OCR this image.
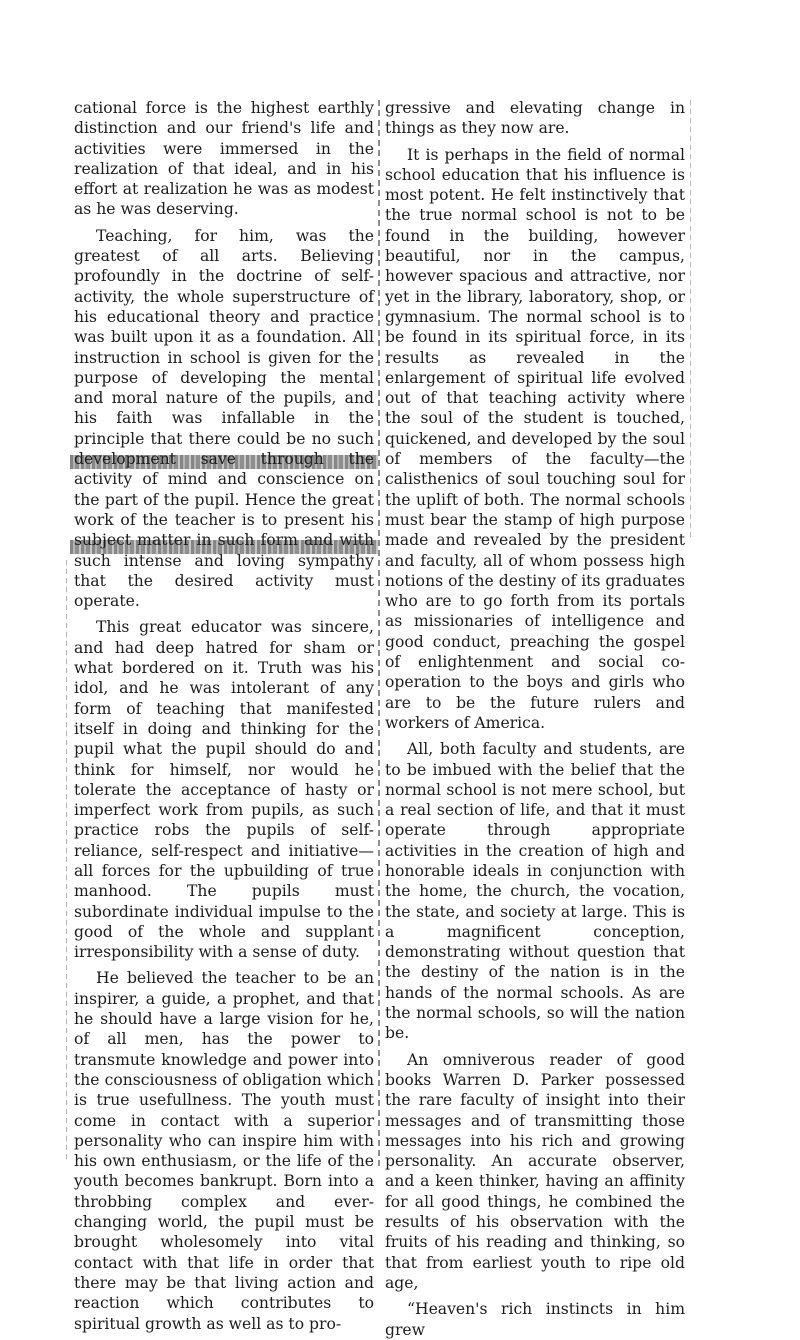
cational force is the highest earthly distinction and our friend's life and activities were immersed in the realization of that ideal, and in his effort at realization he was as modest as he was deserving.

Teaching, for him, was the greatest of all arts. Believing profoundly in the doctrine of self-activity, the whole superstructure of his educational theory and practice was built upon it as a foundation. All instruction in school is given for the purpose of developing the mental and moral nature of the pupils, and his faith was infallable in the principle that there could be no such development save through the activity of mind and conscience on the part of the pupil. Hence the great work of the teacher is to present his subject matter in such form and with such intense and loving sympathy that the desired activity must operate.

This great educator was sincere, and had deep hatred for sham or what bordered on it. Truth was his idol, and he was intolerant of any form of teaching that manifested itself in doing and thinking for the pupil what the pupil should do and think for himself, nor would he tolerate the acceptance of hasty or imperfect work from pupils, as such practice robs the pupils of self-reliance, self-respect and initiative—all forces for the upbuilding of true manhood. The pupils must subordinate individual impulse to the good of the whole and supplant irresponsibility with a sense of duty.

He believed the teacher to be an inspirer, a guide, a prophet, and that he should have a large vision for he, of all men, has the power to transmute knowledge and power into the consciousness of obligation which is true usefullness. The youth must come in contact with a superior personality who can inspire him with his own enthusiasm, or the life of the youth becomes bankrupt. Born into a throbbing complex and ever-changing world, the pupil must be brought wholesomely into vital contact with that life in order that there may be that living action and reaction which contributes to spiritual growth as well as to pro-

gressive and elevating change in things as they now are.

It is perhaps in the field of normal school education that his influence is most potent. He felt instinctively that the true normal school is not to be found in the building, however beautiful, nor in the campus, however spacious and attractive, nor yet in the library, laboratory, shop, or gymnasium. The normal school is to be found in its spiritual force, in its results as revealed in the enlargement of spiritual life evolved out of that teaching activity where the soul of the student is touched, quickened, and developed by the soul of members of the faculty—the calisthenics of soul touching soul for the uplift of both. The normal schools must bear the stamp of high purpose made and revealed by the president and faculty, all of whom possess high notions of the destiny of its graduates who are to go forth from its portals as missionaries of intelligence and good conduct, preaching the gospel of enlightenment and social co-operation to the boys and girls who are to be the future rulers and workers of America.

All, both faculty and students, are to be imbued with the belief that the normal school is not mere school, but a real section of life, and that it must operate through appropriate activities in the creation of high and honorable ideals in conjunction with the home, the church, the vocation, the state, and society at large. This is a magnificent conception, demonstrating without question that the destiny of the nation is in the hands of the normal schools. As are the normal schools, so will the nation be.

An omniverous reader of good books Warren D. Parker possessed the rare faculty of insight into their messages and of transmitting those messages into his rich and growing personality. An accurate observer, and a keen thinker, having an affinity for all good things, he combined the results of his observation with the fruits of his reading and thinking, so that from earliest youth to ripe old age,

“Heaven's rich instincts in him grew
